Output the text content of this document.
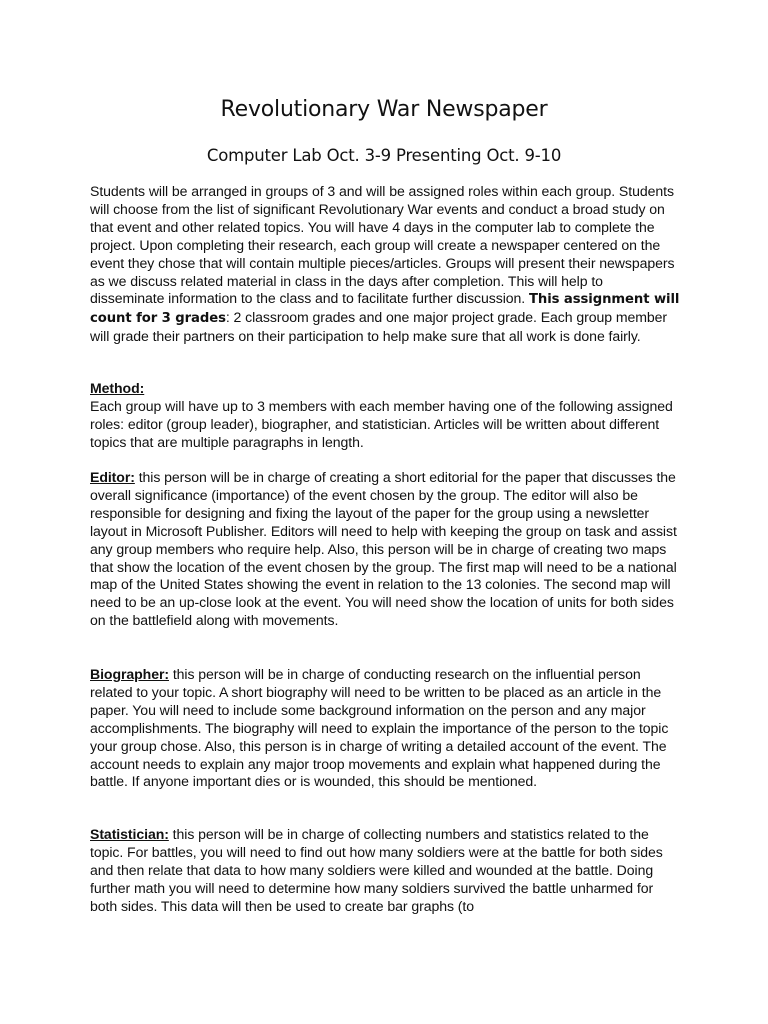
Revolutionary War Newspaper
Computer Lab Oct. 3-9 Presenting Oct. 9-10

Students will be arranged in groups of 3 and will be assigned roles within each group. Students will choose from the list of significant Revolutionary War events and conduct a broad study on that event and other related topics. You will have 4 days in the computer lab to complete the project. Upon completing their research, each group will create a newspaper centered on the event they chose that will contain multiple pieces/articles. Groups will present their newspapers as we discuss related material in class in the days after completion. This will help to disseminate information to the class and to facilitate further discussion. This assignment will count for 3 grades: 2 classroom grades and one major project grade. Each group member will grade their partners on their participation to help make sure that all work is done fairly.

Method:
Each group will have up to 3 members with each member having one of the following assigned roles: editor (group leader), biographer, and statistician. Articles will be written about different topics that are multiple paragraphs in length.

Editor: this person will be in charge of creating a short editorial for the paper that discusses the overall significance (importance) of the event chosen by the group. The editor will also be responsible for designing and fixing the layout of the paper for the group using a newsletter layout in Microsoft Publisher. Editors will need to help with keeping the group on task and assist any group members who require help. Also, this person will be in charge of creating two maps that show the location of the event chosen by the group. The first map will need to be a national map of the United States showing the event in relation to the 13 colonies. The second map will need to be an up-close look at the event. You will need show the location of units for both sides on the battlefield along with movements.

Biographer: this person will be in charge of conducting research on the influential person related to your topic. A short biography will need to be written to be placed as an article in the paper. You will need to include some background information on the person and any major accomplishments. The biography will need to explain the importance of the person to the topic your group chose. Also, this person is in charge of writing a detailed account of the event. The account needs to explain any major troop movements and explain what happened during the battle. If anyone important dies or is wounded, this should be mentioned.

Statistician: this person will be in charge of collecting numbers and statistics related to the topic. For battles, you will need to find out how many soldiers were at the battle for both sides and then relate that data to how many soldiers were killed and wounded at the battle. Doing further math you will need to determine how many soldiers survived the battle unharmed for both sides. This data will then be used to create bar graphs (to
